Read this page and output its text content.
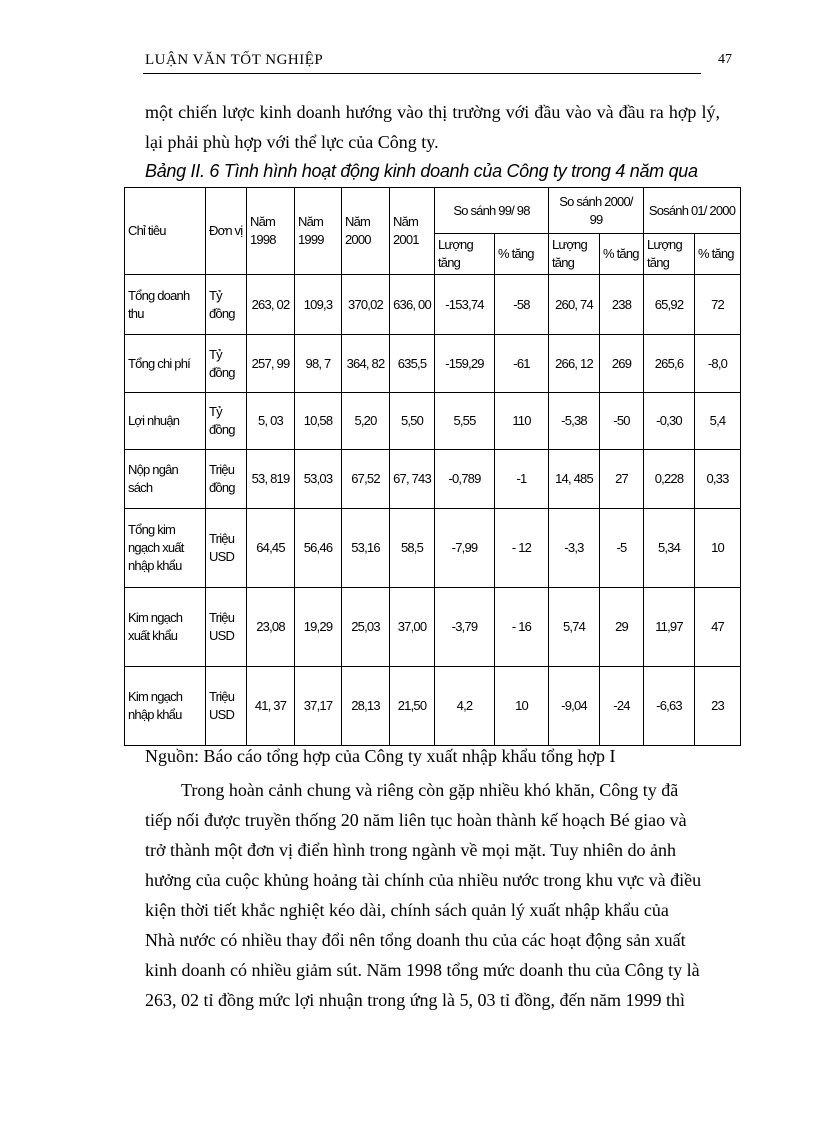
LUẬN VĂN TỐT NGHIỆP	47
một chiến lược kinh doanh hướng vào thị trường với đầu vào và đầu ra hợp lý, lại phải phù hợp với thể lực của Công ty.
Bảng II. 6 Tình hình hoạt động kinh doanh của Công ty trong 4 năm qua
Chỉ tiêu	Đơn vị	Năm 1998	Năm 1999	Năm 2000	Năm 2001	So sánh 99/ 98		So sánh 2000/ 99		Sosánh 01/ 2000	
						Lượng tăng	% tăng	Lượng tăng	% tăng	Lượng tăng	% tăng
Tổng doanh thu	Tỷ đồng	263, 02	109,3	370,02	636, 00	-153,74	-58	260, 74	238	65,92	72
Tổng chi phí	Tỷ đồng	257, 99	98, 7	364, 82	635,5	-159,29	-61	266, 12	269	265,6	-8,0
Lợi nhuận	Tỷ đồng	5, 03	10,58	5,20	5,50	5,55	110	-5,38	-50	-0,30	5,4
Nộp ngân sách	Triệu đồng	53, 819	53,03	67,52	67, 743	-0,789	-1	14, 485	27	0,228	0,33
Tổng kim ngạch xuất nhập khẩu	Triệu USD	64,45	56,46	53,16	58,5	-7,99	- 12	-3,3	-5	5,34	10
Kim ngạch xuất khẩu	Triệu USD	23,08	19,29	25,03	37,00	-3,79	- 16	5,74	29	11,97	47
Kim ngạch nhập khẩu	Triệu USD	41, 37	37,17	28,13	21,50	4,2	10	-9,04	-24	-6,63	23
Nguồn: Báo cáo tổng hợp của Công ty xuất nhập khẩu tổng hợp I
Trong hoàn cảnh chung và riêng còn gặp nhiều khó khăn, Công ty đã
tiếp nối được truyền thống 20 năm liên tục hoàn thành kế hoạch Bé giao và
trở thành một đơn vị điển hình trong ngành về mọi mặt. Tuy nhiên do ảnh
hưởng của cuộc khủng hoảng tài chính của nhiều nước trong khu vực và điều
kiện thời tiết khắc nghiệt kéo dài, chính sách quản lý xuất nhập khẩu của
Nhà nước có nhiều thay đổi nên tổng doanh thu của các hoạt động sản xuất
kinh doanh có nhiều giảm sút. Năm 1998 tổng mức doanh thu của Công ty là
263, 02 tỉ đồng mức lợi nhuận trong ứng là 5, 03 tỉ đồng, đến năm 1999 thì
